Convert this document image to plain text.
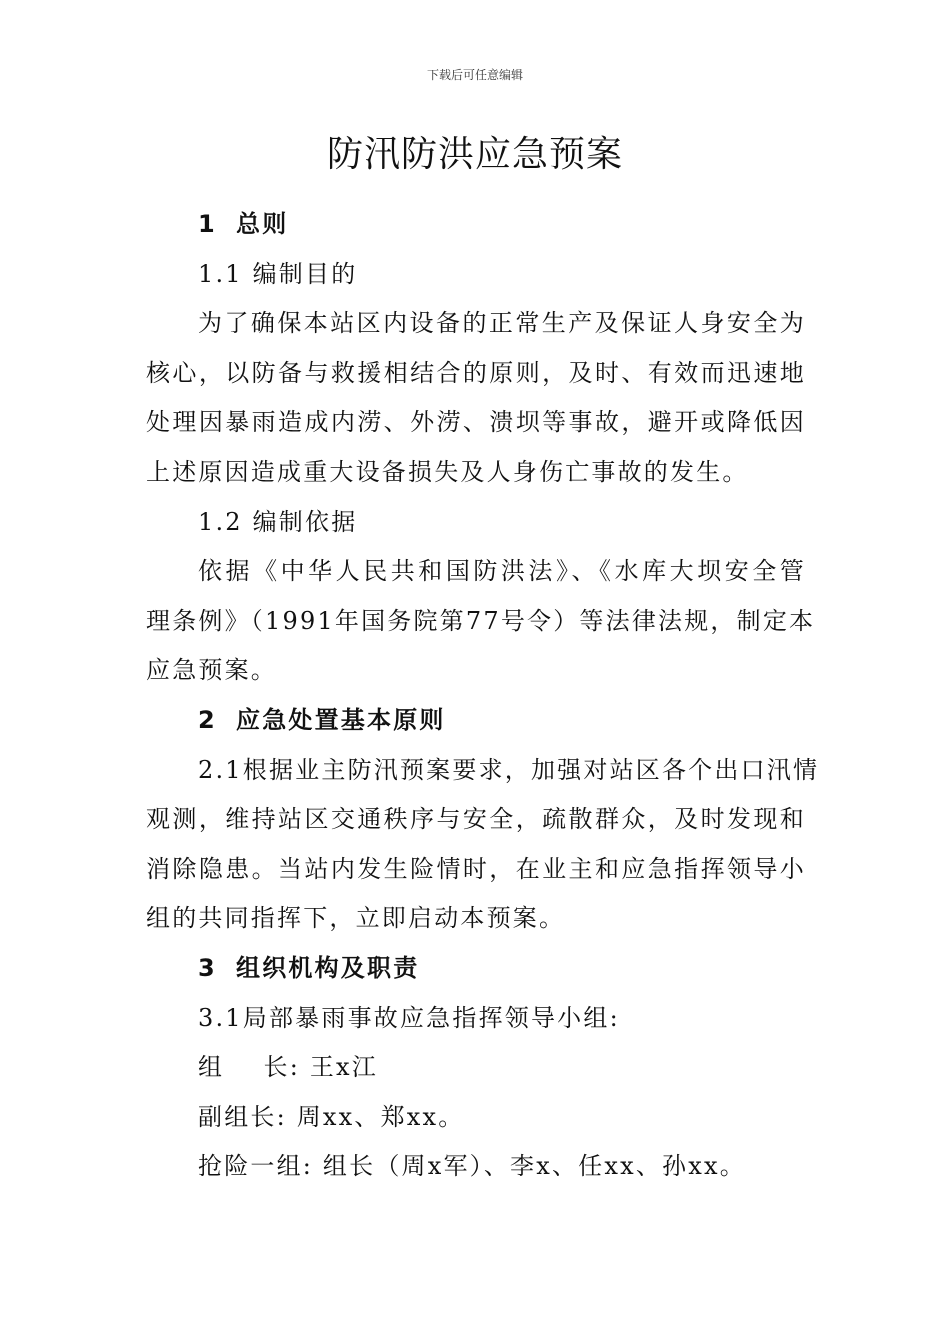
下载后可任意编辑
防汛防洪应急预案
1 总则
1.1 编制目的
为了确保本站区内设备的正常生产及保证人身安全为
核心，以防备与救援相结合的原则，及时、有效而迅速地
处理因暴雨造成内涝、外涝、溃坝等事故，避开或降低因
上述原因造成重大设备损失及人身伤亡事故的发生。
1.2 编制依据
依据《中华人民共和国防洪法》、《水库大坝安全管
理条例》（1991年国务院第77号令）等法律法规，制定本
应急预案。
2 应急处置基本原则
2.1根据业主防汛预案要求，加强对站区各个出口汛情
观测，维持站区交通秩序与安全，疏散群众，及时发现和
消除隐患。当站内发生险情时，在业主和应急指挥领导小
组的共同指挥下，立即启动本预案。
3 组织机构及职责
3.1局部暴雨事故应急指挥领导小组:
组    长: 王x江
副组长: 周xx、郑xx。
抢险一组: 组长（周x军）、李x、任xx、孙xx。
